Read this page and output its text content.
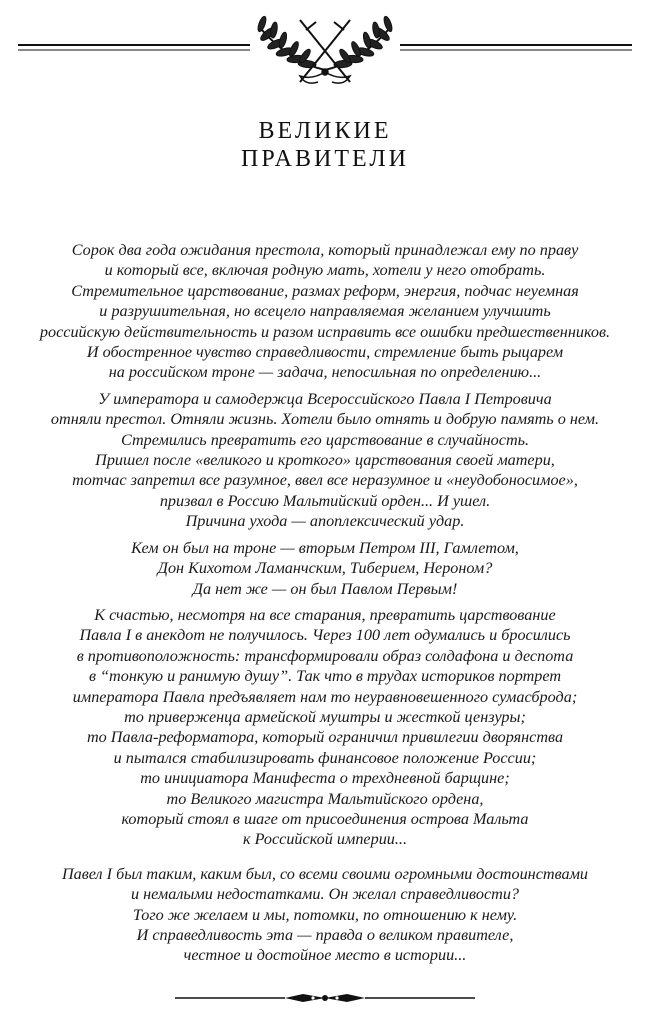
ВЕЛИКИЕ
ПРАВИТЕЛИ
Сорок два года ожидания престола, который принадлежал ему по праву
и который все, включая родную мать, хотели у него отобрать.
Стремительное царствование, размах реформ, энергия, подчас неуемная
и разрушительная, но всецело направляемая желанием улучшить
российскую действительность и разом исправить все ошибки предшественников.
И обостренное чувство справедливости, стремление быть рыцарем
на российском троне — задача, непосильная по определению...
У императора и самодержца Всероссийского Павла I Петровича
отняли престол. Отняли жизнь. Хотели было отнять и добрую память о нем.
Стремились превратить его царствование в случайность.
Пришел после «великого и кроткого» царствования своей матери,
тотчас запретил все разумное, ввел все неразумное и «неудобоносимое»,
призвал в Россию Мальтийский орден... И ушел.
Причина ухода — апоплексический удар.
Кем он был на троне — вторым Петром III, Гамлетом,
Дон Кихотом Ламанчским, Тиберием, Нероном?
Да нет же — он был Павлом Первым!
К счастью, несмотря на все старания, превратить царствование
Павла I в анекдот не получилось. Через 100 лет одумались и бросились
в противоположность: трансформировали образ солдафона и деспота
в “тонкую и ранимую душу”. Так что в трудах историков портрет
императора Павла предъявляет нам то неуравновешенного сумасброда;
то приверженца армейской муштры и жесткой цензуры;
то Павла-реформатора, который ограничил привилегии дворянства
и пытался стабилизировать финансовое положение России;
то инициатора Манифеста о трехдневной барщине;
то Великого магистра Мальтийского ордена,
который стоял в шаге от присоединения острова Мальта
к Российской империи...
Павел I был таким, каким был, со всеми своими огромными достоинствами
и немалыми недостатками. Он желал справедливости?
Того же желаем и мы, потомки, по отношению к нему.
И справедливость эта — правда о великом правителе,
честное и достойное место в истории...
